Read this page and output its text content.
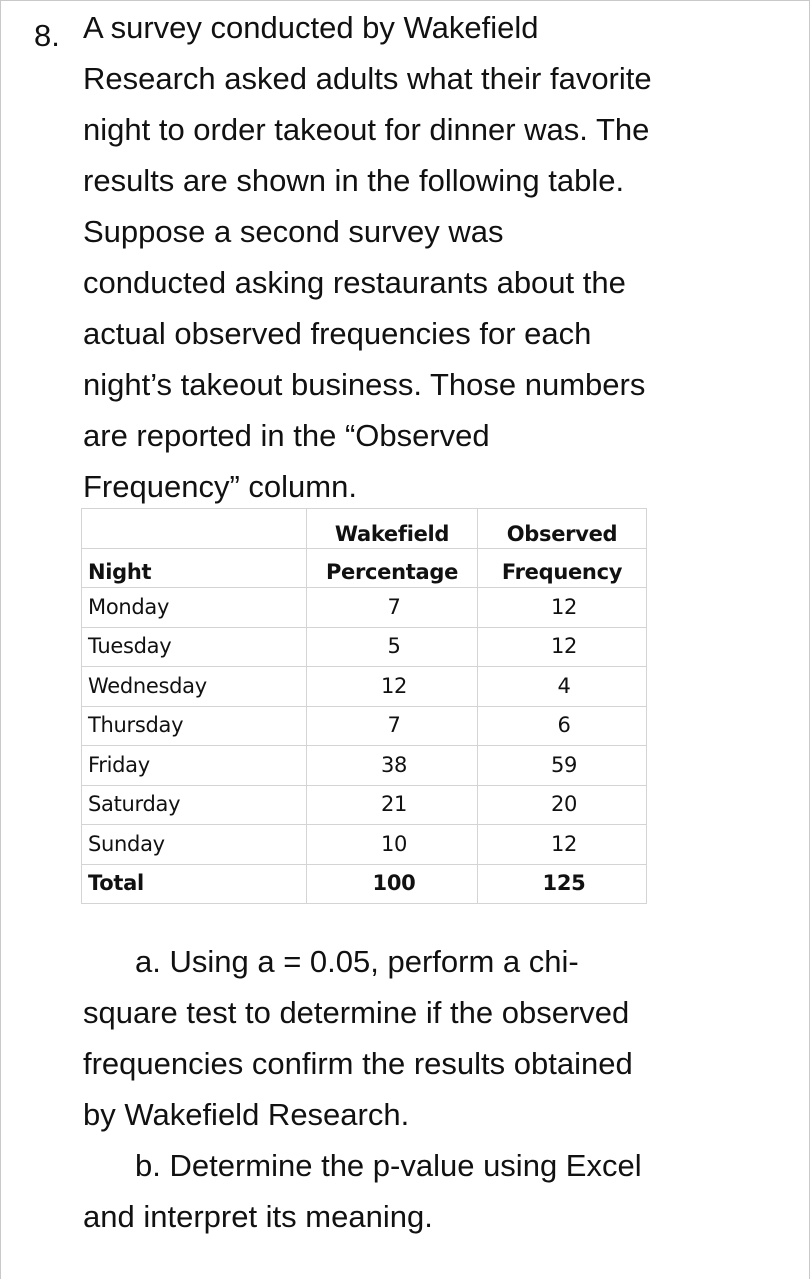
8. A survey conducted by Wakefield
Research asked adults what their favorite
night to order takeout for dinner was. The
results are shown in the following table.
Suppose a second survey was
conducted asking restaurants about the
actual observed frequencies for each
night’s takeout business. Those numbers
are reported in the “Observed
Frequency” column.
	Wakefield	Observed
Night	Percentage	Frequency
Monday	7	12
Tuesday	5	12
Wednesday	12	4
Thursday	7	6
Friday	38	59
Saturday	21	20
Sunday	10	12
Total	100	125
a. Using a = 0.05, perform a chi-
square test to determine if the observed
frequencies confirm the results obtained
by Wakefield Research.
b. Determine the p-value using Excel
and interpret its meaning.
